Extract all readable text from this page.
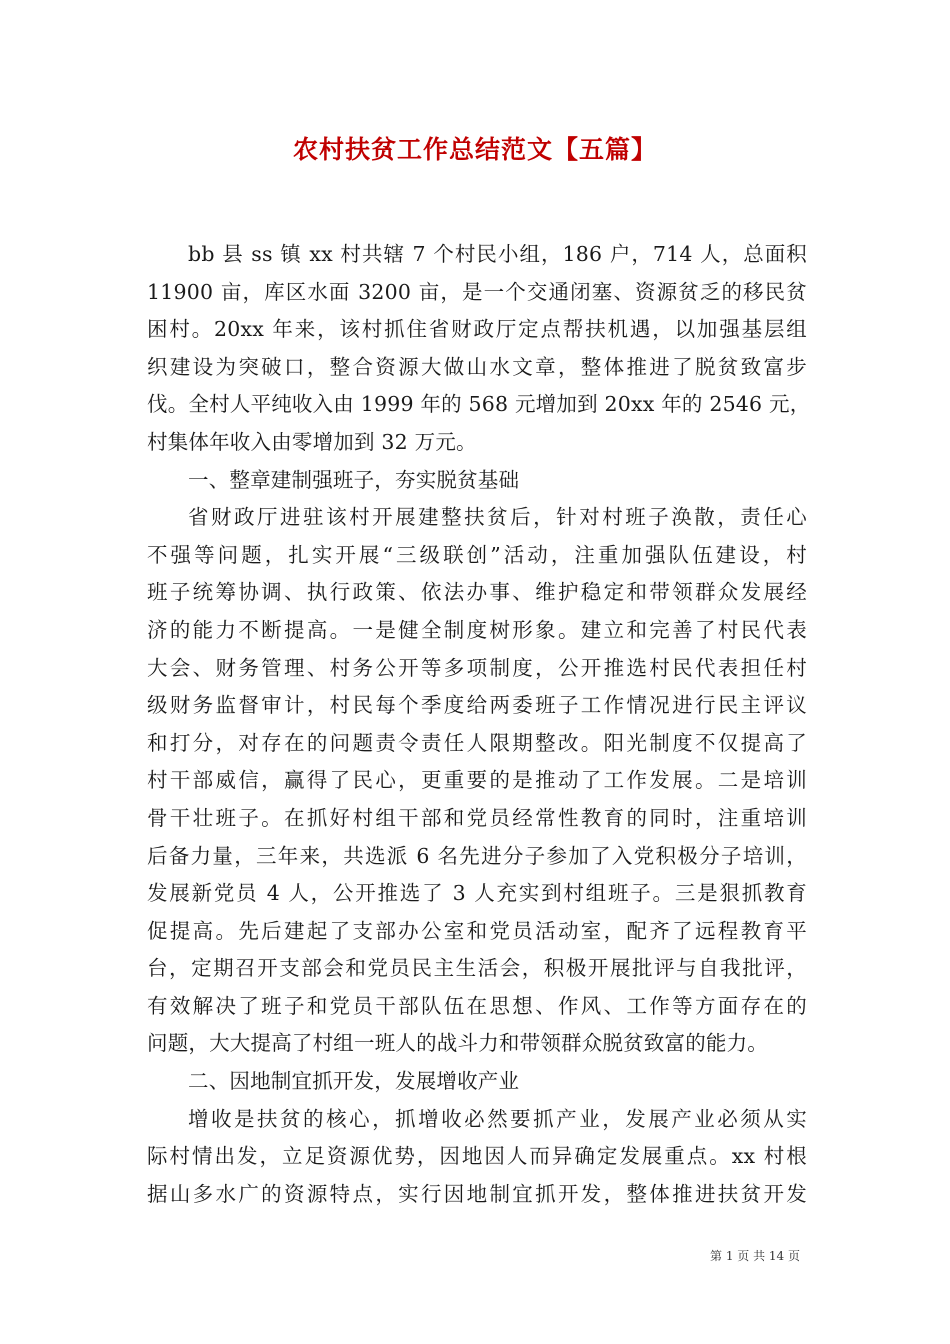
农村扶贫工作总结范文【五篇】
bb 县 ss 镇 xx 村共辖 7 个村民小组，186 户，714 人，总面积
11900 亩，库区水面 3200 亩，是一个交通闭塞、资源贫乏的移民贫
困村。20xx 年来，该村抓住省财政厅定点帮扶机遇，以加强基层组
织建设为突破口，整合资源大做山水文章，整体推进了脱贫致富步
伐。全村人平纯收入由 1999 年的 568 元增加到 20xx 年的 2546 元，
村集体年收入由零增加到 32 万元。
一、整章建制强班子，夯实脱贫基础
省财政厅进驻该村开展建整扶贫后，针对村班子涣散，责任心
不强等问题，扎实开展“三级联创”活动，注重加强队伍建设，村
班子统筹协调、执行政策、依法办事、维护稳定和带领群众发展经
济的能力不断提高。一是健全制度树形象。建立和完善了村民代表
大会、财务管理、村务公开等多项制度，公开推选村民代表担任村
级财务监督审计，村民每个季度给两委班子工作情况进行民主评议
和打分，对存在的问题责令责任人限期整改。阳光制度不仅提高了
村干部威信，赢得了民心，更重要的是推动了工作发展。二是培训
骨干壮班子。在抓好村组干部和党员经常性教育的同时，注重培训
后备力量，三年来，共选派 6 名先进分子参加了入党积极分子培训，
发展新党员 4 人，公开推选了 3 人充实到村组班子。三是狠抓教育
促提高。先后建起了支部办公室和党员活动室，配齐了远程教育平
台，定期召开支部会和党员民主生活会，积极开展批评与自我批评，
有效解决了班子和党员干部队伍在思想、作风、工作等方面存在的
问题，大大提高了村组一班人的战斗力和带领群众脱贫致富的能力。
二、因地制宜抓开发，发展增收产业
增收是扶贫的核心，抓增收必然要抓产业，发展产业必须从实
际村情出发，立足资源优势，因地因人而异确定发展重点。xx 村根
据山多水广的资源特点，实行因地制宜抓开发，整体推进扶贫开发
第 1 页 共 14 页
